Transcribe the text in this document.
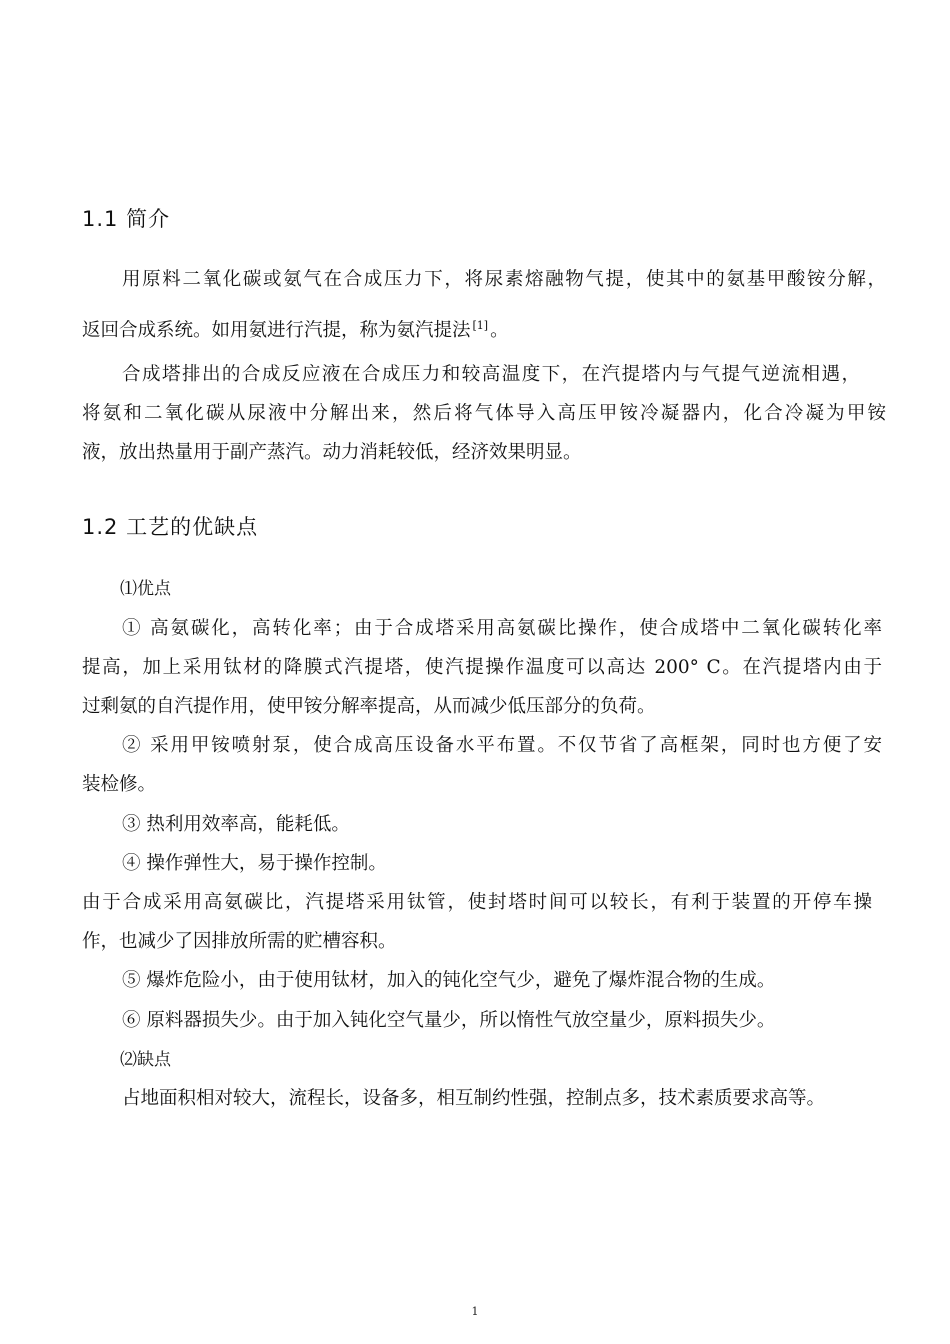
1.1 简介
用原料二氧化碳或氨气在合成压力下，将尿素熔融物气提，使其中的氨基甲酸铵分解，
返回合成系统。如用氨进行汽提，称为氨汽提法 [1] 。
合成塔排出的合成反应液在合成压力和较高温度下，在汽提塔内与气提气逆流相遇，
将氨和二氧化碳从尿液中分解出来，然后将气体导入高压甲铵冷凝器内，化合冷凝为甲铵
液，放出热量用于副产蒸汽。动力消耗较低，经济效果明显。
1.2 工艺的优缺点
⑴优点
① 高氨碳化，高转化率；由于合成塔采用高氨碳比操作，使合成塔中二氧化碳转化率
提高，加上采用钛材的降膜式汽提塔，使汽提操作温度可以高达 200° C。在汽提塔内由于
过剩氨的自汽提作用，使甲铵分解率提高，从而减少低压部分的负荷。
② 采用甲铵喷射泵，使合成高压设备水平布置。不仅节省了高框架，同时也方便了安
装检修。
③ 热利用效率高，能耗低。
④ 操作弹性大，易于操作控制。
由于合成采用高氨碳比，汽提塔采用钛管，使封塔时间可以较长，有利于装置的开停车操
作，也减少了因排放所需的贮槽容积。
⑤ 爆炸危险小，由于使用钛材，加入的钝化空气少，避免了爆炸混合物的生成。
⑥ 原料器损失少。由于加入钝化空气量少，所以惰性气放空量少，原料损失少。
⑵缺点
占地面积相对较大，流程长，设备多，相互制约性强，控制点多，技术素质要求高等。
1
